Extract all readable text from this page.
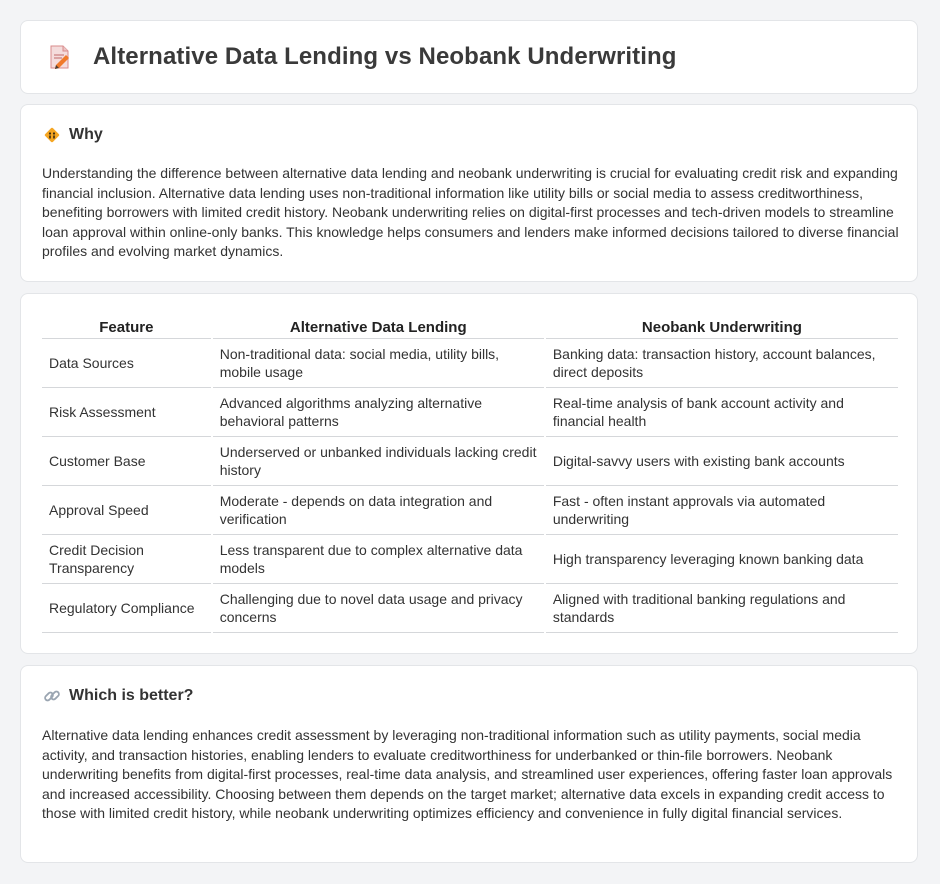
Alternative Data Lending vs Neobank Underwriting
Why
Understanding the difference between alternative data lending and neobank underwriting is crucial for evaluating credit risk and expanding financial inclusion. Alternative data lending uses non-traditional information like utility bills or social media to assess creditworthiness, benefiting borrowers with limited credit history. Neobank underwriting relies on digital-first processes and tech-driven models to streamline loan approval within online-only banks. This knowledge helps consumers and lenders make informed decisions tailored to diverse financial profiles and evolving market dynamics.
Feature	Alternative Data Lending	Neobank Underwriting
Data Sources	Non-traditional data: social media, utility bills, mobile usage	Banking data: transaction history, account balances, direct deposits
Risk Assessment	Advanced algorithms analyzing alternative behavioral patterns	Real-time analysis of bank account activity and financial health
Customer Base	Underserved or unbanked individuals lacking credit history	Digital-savvy users with existing bank accounts
Approval Speed	Moderate - depends on data integration and verification	Fast - often instant approvals via automated underwriting
Credit Decision Transparency	Less transparent due to complex alternative data models	High transparency leveraging known banking data
Regulatory Compliance	Challenging due to novel data usage and privacy concerns	Aligned with traditional banking regulations and standards
Which is better?
Alternative data lending enhances credit assessment by leveraging non-traditional information such as utility payments, social media activity, and transaction histories, enabling lenders to evaluate creditworthiness for underbanked or thin-file borrowers. Neobank underwriting benefits from digital-first processes, real-time data analysis, and streamlined user experiences, offering faster loan approvals and increased accessibility. Choosing between them depends on the target market; alternative data excels in expanding credit access to those with limited credit history, while neobank underwriting optimizes efficiency and convenience in fully digital financial services.
